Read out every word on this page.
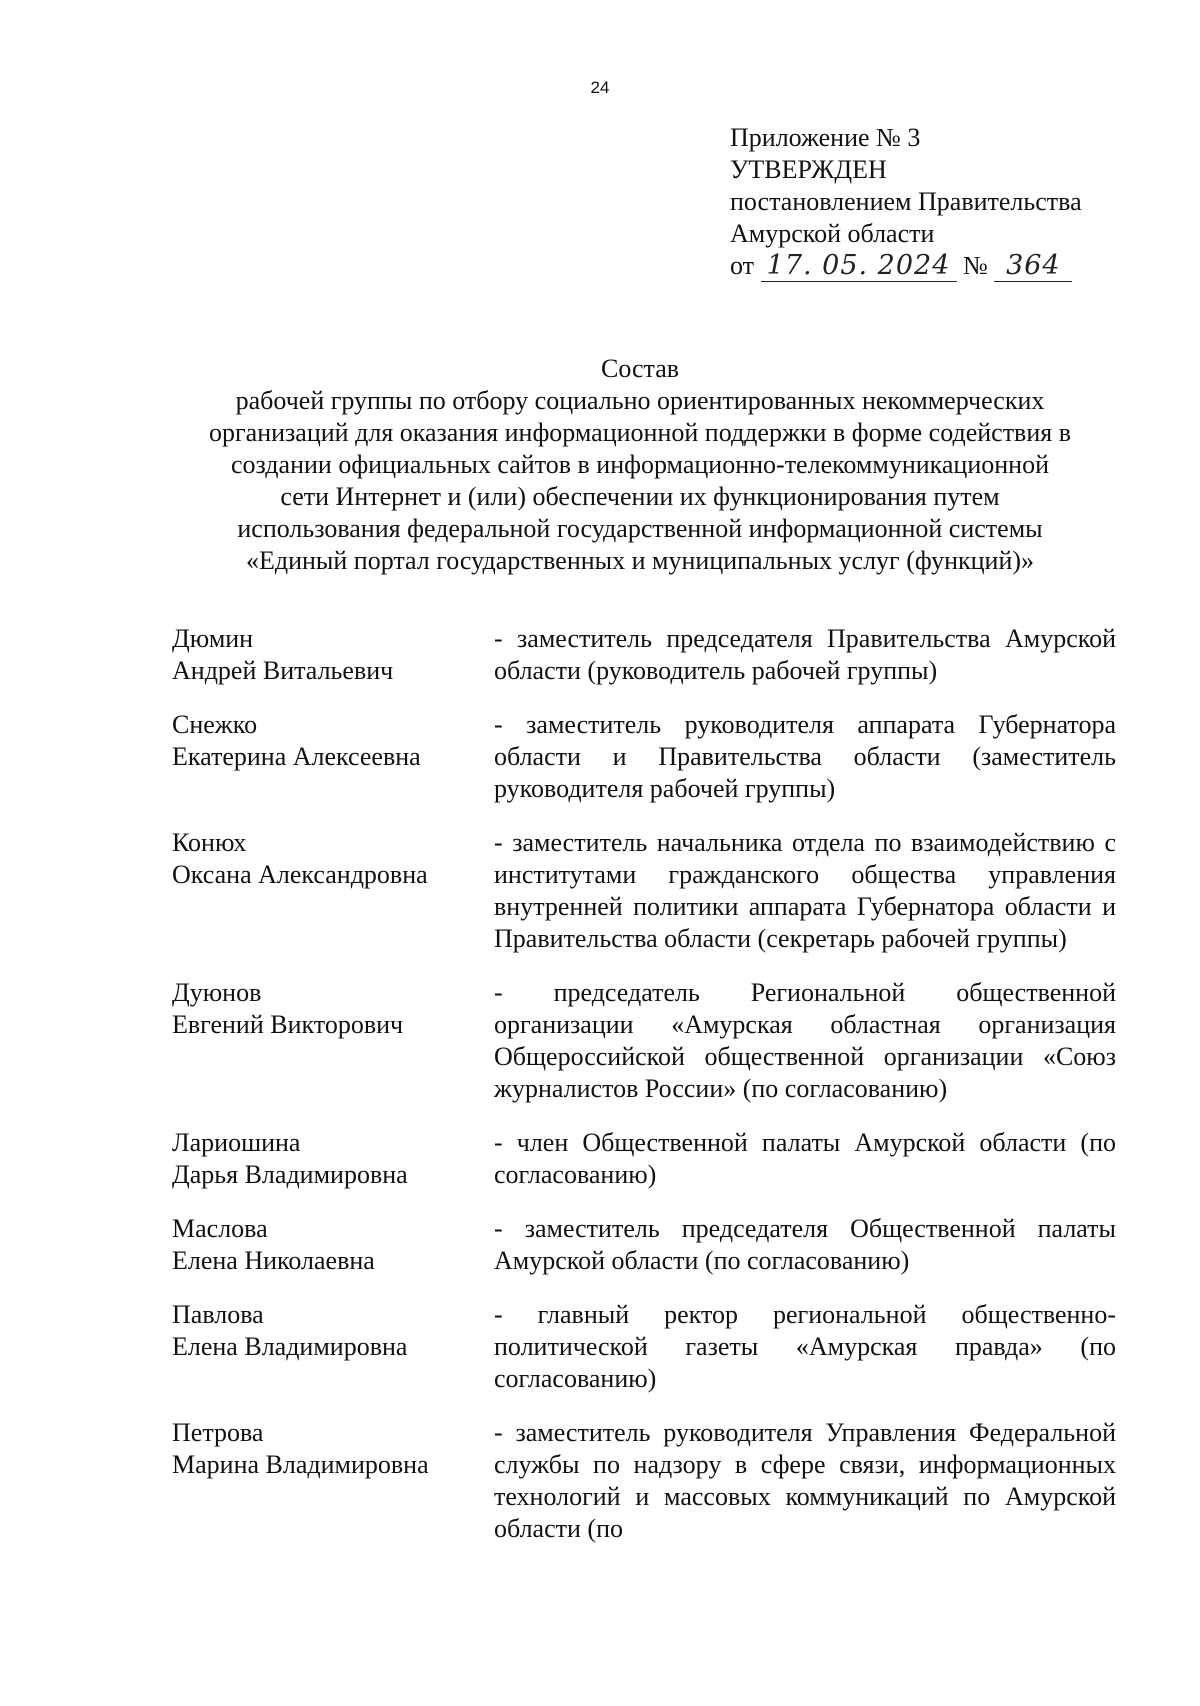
24
Приложение № 3
УТВЕРЖДЕН
постановлением Правительства
Амурской области
от 17. 05. 2024 № 364
Состав
рабочей группы по отбору социально ориентированных некоммерческих
организаций для оказания информационной поддержки в форме содействия в
создании официальных сайтов в информационно-телекоммуникационной
сети Интернет и (или) обеспечении их функционирования путем
использования федеральной государственной информационной системы
«Единый портал государственных и муниципальных услуг (функций)»
Дюмин
Андрей Витальевич
- заместитель председателя Правительства Амурской области (руководитель рабочей группы)
Снежко
Екатерина Алексеевна
- заместитель руководителя аппарата Губернатора области и Правительства области (заместитель руководителя рабочей группы)
Конюх
Оксана Александровна
- заместитель начальника отдела по взаимодействию с институтами гражданского общества управления внутренней политики аппарата Губернатора области и Правительства области (секретарь рабочей группы)
Дуюнов
Евгений Викторович
- председатель Региональной общественной организации «Амурская областная организация Общероссийской общественной организации «Союз журналистов России» (по согласованию)
Лариошина
Дарья Владимировна
- член Общественной палаты Амурской области (по согласованию)
Маслова
Елена Николаевна
- заместитель председателя Общественной палаты Амурской области (по согласованию)
Павлова
Елена Владимировна
- главный ректор региональной общественно-политической газеты «Амурская правда» (по согласованию)
Петрова
Марина Владимировна
- заместитель руководителя Управления Федеральной службы по надзору в сфере связи, информационных технологий и массовых коммуникаций по Амурской области (по
